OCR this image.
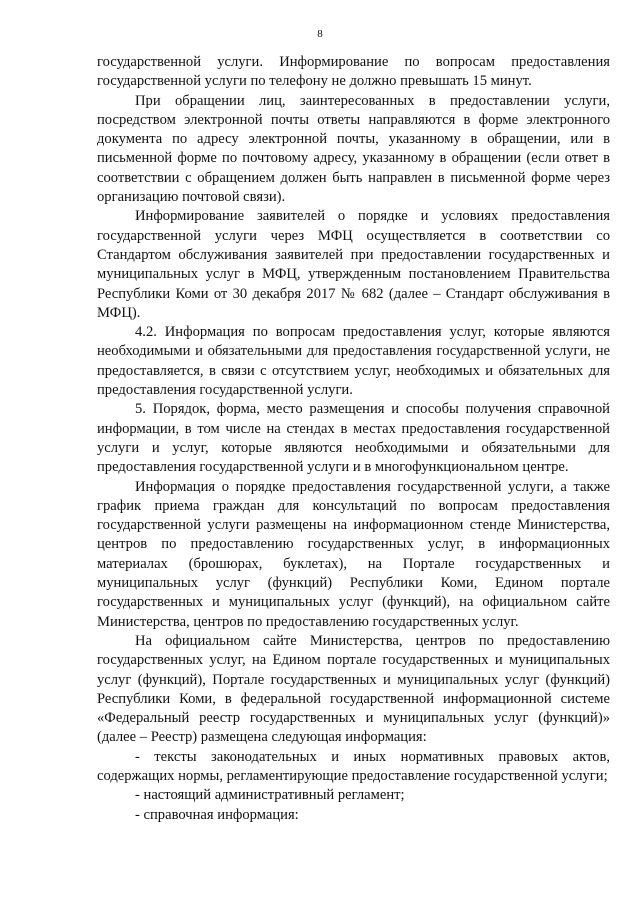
8

государственной услуги. Информирование по вопросам предоставления государственной услуги по телефону не должно превышать 15 минут.

При обращении лиц, заинтересованных в предоставлении услуги, посредством электронной почты ответы направляются в форме электронного документа по адресу электронной почты, указанному в обращении, или в письменной форме по почтовому адресу, указанному в обращении (если ответ в соответствии с обращением должен быть направлен в письменной форме через организацию почтовой связи).

Информирование заявителей о порядке и условиях предоставления государственной услуги через МФЦ осуществляется в соответствии со Стандартом обслуживания заявителей при предоставлении государственных и муниципальных услуг в МФЦ, утвержденным постановлением Правительства Республики Коми от 30 декабря 2017 № 682 (далее – Стандарт обслуживания в МФЦ).

4.2. Информация по вопросам предоставления услуг, которые являются необходимыми и обязательными для предоставления государственной услуги, не предоставляется, в связи с отсутствием услуг, необходимых и обязательных для предоставления государственной услуги.

5. Порядок, форма, место размещения и способы получения справочной информации, в том числе на стендах в местах предоставления государственной услуги и услуг, которые являются необходимыми и обязательными для предоставления государственной услуги и в многофункциональном центре.

Информация о порядке предоставления государственной услуги, а также график приема граждан для консультаций по вопросам предоставления государственной услуги размещены на информационном стенде Министерства, центров по предоставлению государственных услуг, в информационных материалах (брошюрах, буклетах), на Портале государственных и муниципальных услуг (функций) Республики Коми, Едином портале государственных и муниципальных услуг (функций), на официальном сайте Министерства, центров по предоставлению государственных услуг.

На официальном сайте Министерства, центров по предоставлению государственных услуг, на Едином портале государственных и муниципальных услуг (функций), Портале государственных и муниципальных услуг (функций) Республики Коми, в федеральной государственной информационной системе «Федеральный реестр государственных и муниципальных услуг (функций)» (далее – Реестр) размещена следующая информация:

- тексты законодательных и иных нормативных правовых актов, содержащих нормы, регламентирующие предоставление государственной услуги;

- настоящий административный регламент;

- справочная информация:
